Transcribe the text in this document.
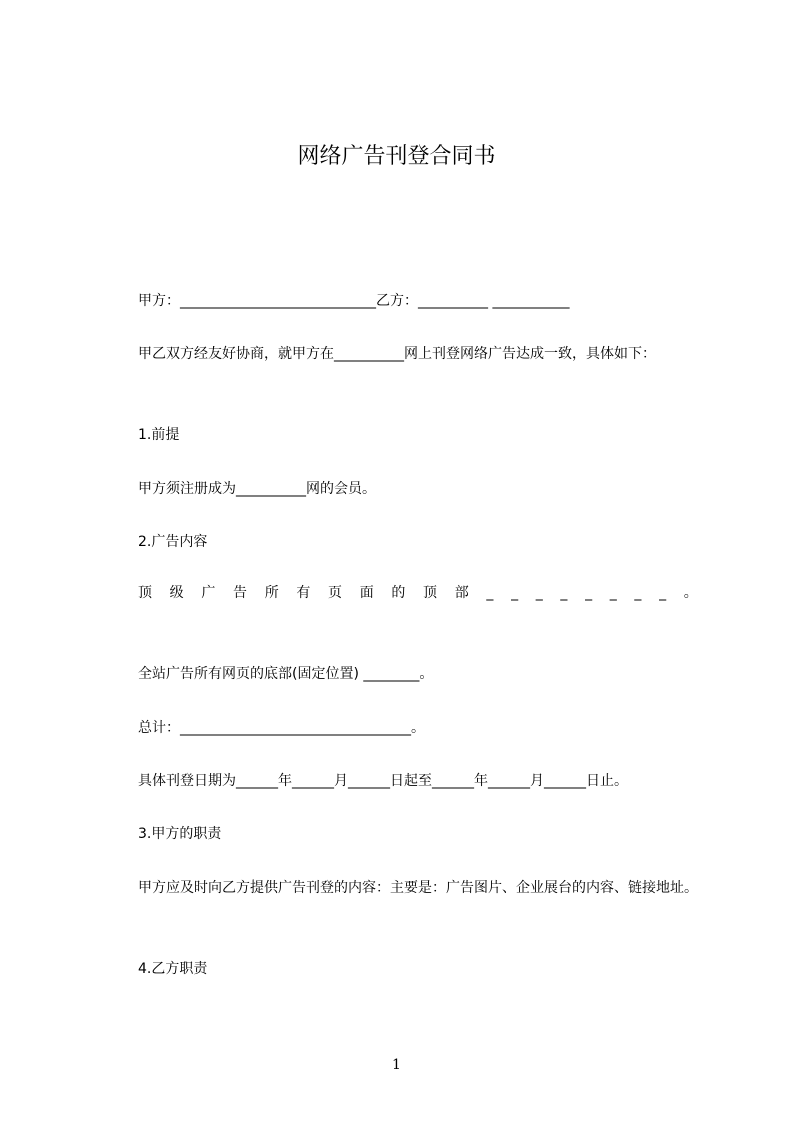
网络广告刊登合同书
甲方：____________________________乙方：__________ ___________
甲乙双方经友好协商，就甲方在__________网上刊登网络广告达成一致，具体如下：
1.前提
甲方须注册成为__________网的会员。
2.广告内容
顶 级 广 告 所 有 页 面 的 顶 部 _ _ _ _ _ _ _ _ 。
全站广告所有网页的底部(固定位置) ________。
总计：_________________________________。
具体刊登日期为______年______月______日起至______年______月______日止。
3.甲方的职责
甲方应及时向乙方提供广告刊登的内容：主要是：广告图片、企业展台的内容、链接地址。
4.乙方职责
1
